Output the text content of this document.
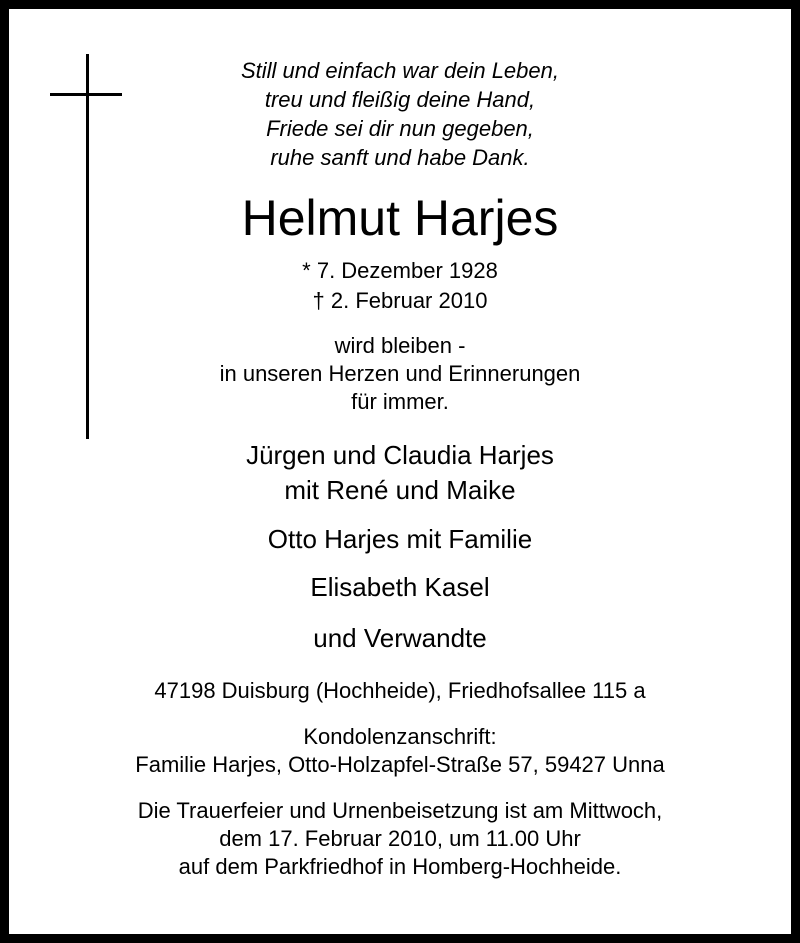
Still und einfach war dein Leben,
treu und fleißig deine Hand,
Friede sei dir nun gegeben,
ruhe sanft und habe Dank.
Helmut Harjes
* 7. Dezember 1928
† 2. Februar 2010
wird bleiben -
in unseren Herzen und Erinnerungen
für immer.
Jürgen und Claudia Harjes
mit René und Maike
Otto Harjes mit Familie
Elisabeth Kasel
und Verwandte
47198 Duisburg (Hochheide), Friedhofsallee 115 a
Kondolenzanschrift:
Familie Harjes, Otto-Holzapfel-Straße 57, 59427 Unna
Die Trauerfeier und Urnenbeisetzung ist am Mittwoch,
dem 17. Februar 2010, um 11.00 Uhr
auf dem Parkfriedhof in Homberg-Hochheide.
